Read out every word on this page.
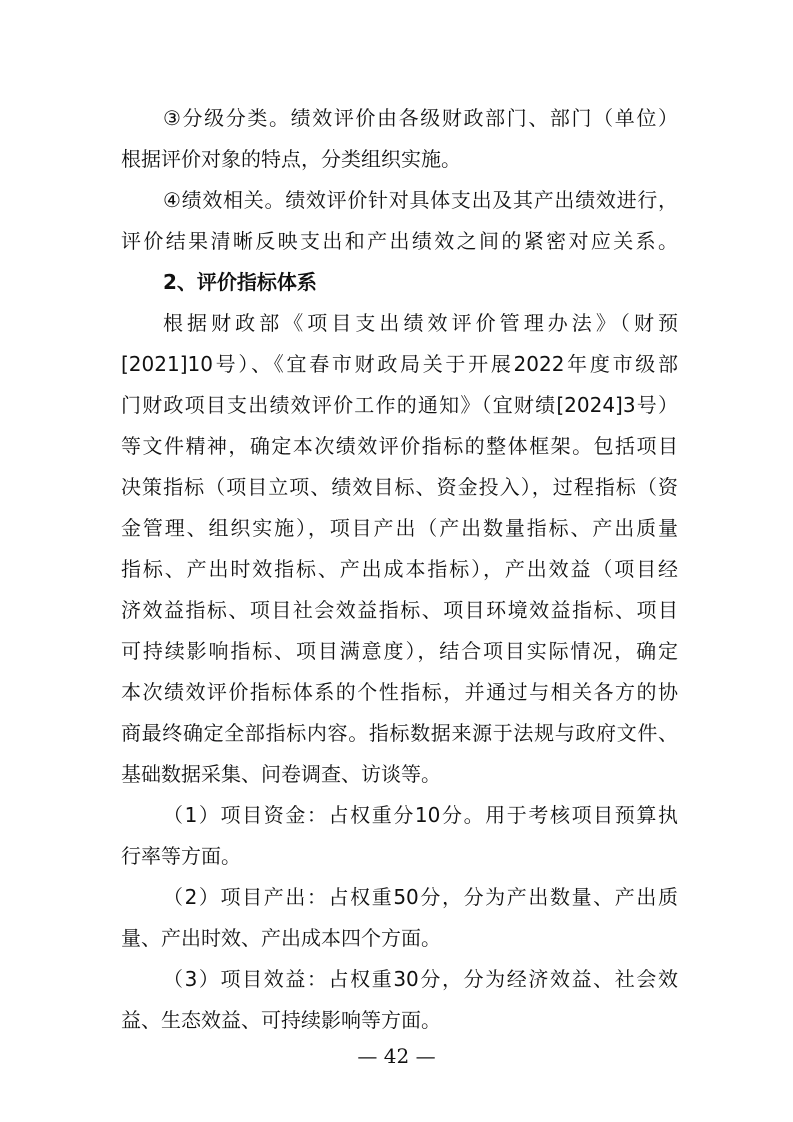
③分级分类。绩效评价由各级财政部门、部门（单位）
根据评价对象的特点，分类组织实施。
④绩效相关。绩效评价针对具体支出及其产出绩效进行，
评价结果清晰反映支出和产出绩效之间的紧密对应关系。
2、评价指标体系
根据财政部《项目支出绩效评价管理办法》（财预
[2021]10号）、《宜春市财政局关于开展2022年度市级部
门财政项目支出绩效评价工作的通知》（宜财绩[2024]3号）
等文件精神，确定本次绩效评价指标的整体框架。包括项目
决策指标（项目立项、绩效目标、资金投入），过程指标（资
金管理、组织实施），项目产出（产出数量指标、产出质量
指标、产出时效指标、产出成本指标），产出效益（项目经
济效益指标、项目社会效益指标、项目环境效益指标、项目
可持续影响指标、项目满意度），结合项目实际情况，确定
本次绩效评价指标体系的个性指标，并通过与相关各方的协
商最终确定全部指标内容。指标数据来源于法规与政府文件、
基础数据采集、问卷调查、访谈等。
（1）项目资金：占权重分10分。用于考核项目预算执
行率等方面。
（2）项目产出：占权重50分，分为产出数量、产出质
量、产出时效、产出成本四个方面。
（3）项目效益：占权重30分，分为经济效益、社会效
益、生态效益、可持续影响等方面。
— 42 —
